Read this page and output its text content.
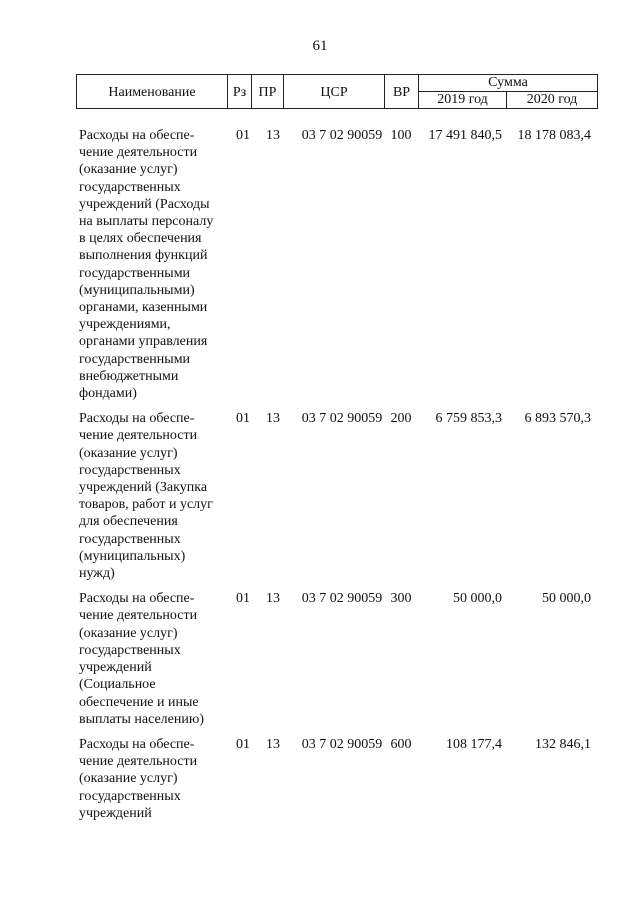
61
Наименование	Рз	ПР	ЦСР	ВР	Сумма	
					2019 год	2020 год
Расходы на обеспе-
чение деятельности
(оказание услуг)
государственных
учреждений (Расходы
на выплаты персоналу
в целях обеспечения
выполнения функций
государственными
(муниципальными)
органами, казенными
учреждениями,
органами управления
государственными
внебюджетными
фондами)
01	13	03 7 02 90059 100	17 491 840,5	18 178 083,4
Расходы на обеспе-
чение деятельности
(оказание услуг)
государственных
учреждений (Закупка
товаров, работ и услуг
для обеспечения
государственных
(муниципальных)
нужд)
01	13	03 7 02 90059 200	6 759 853,3	6 893 570,3
Расходы на обеспе-
чение деятельности
(оказание услуг)
государственных
учреждений
(Социальное
обеспечение и иные
выплаты населению)
01	13	03 7 02 90059 300	50 000,0	50 000,0
Расходы на обеспе-
чение деятельности
(оказание услуг)
государственных
учреждений
01	13	03 7 02 90059 600	108 177,4	132 846,1
